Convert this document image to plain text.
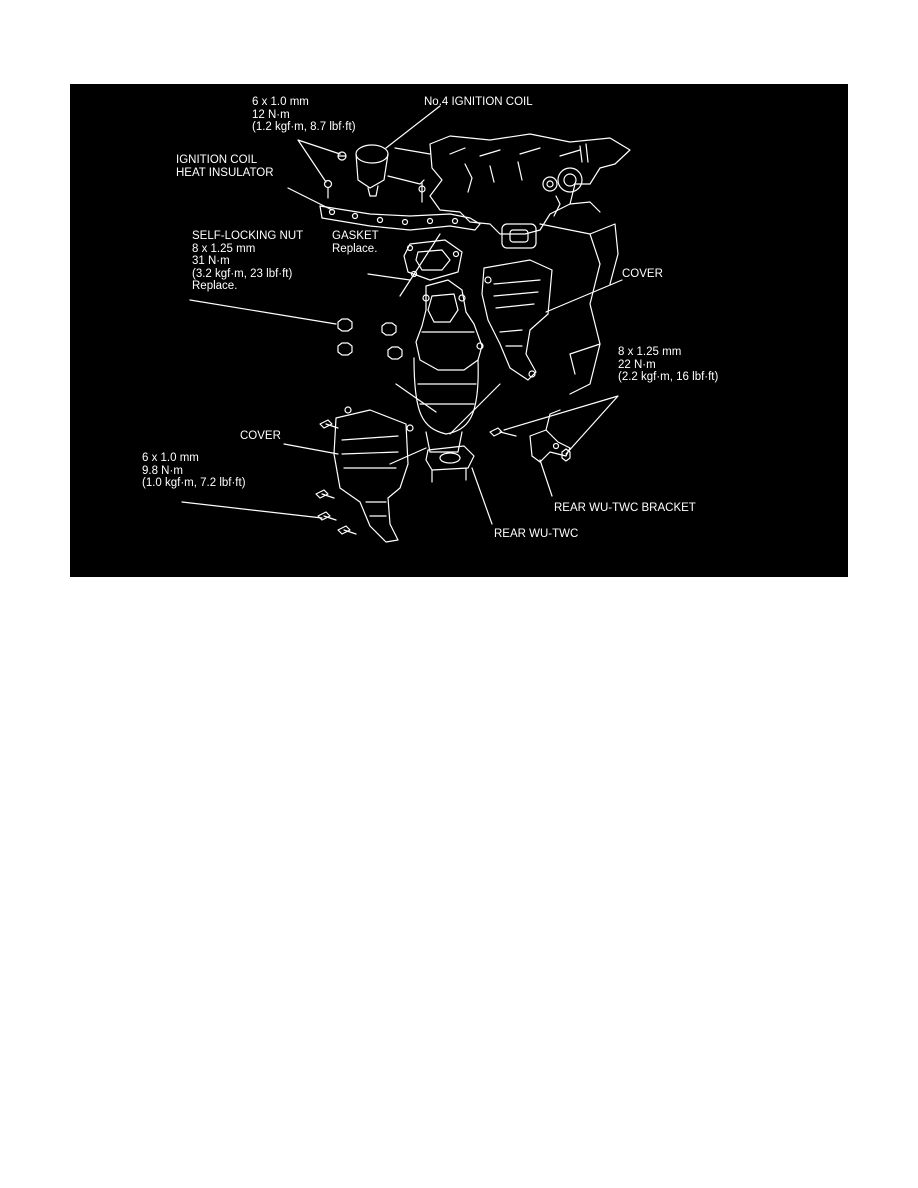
6 x 1.0 mm
12 N·m
(1.2 kgf·m, 8.7 lbf·ft)
No.4 IGNITION COIL
IGNITION COIL
HEAT INSULATOR
SELF-LOCKING NUT
8 x 1.25 mm
31 N·m
(3.2 kgf·m, 23 lbf·ft)
Replace.
GASKET
Replace.
COVER
8 x 1.25 mm
22 N·m
(2.2 kgf·m, 16 lbf·ft)
COVER
6 x 1.0 mm
9.8 N·m
(1.0 kgf·m, 7.2 lbf·ft)
REAR WU-TWC BRACKET
REAR WU-TWC
